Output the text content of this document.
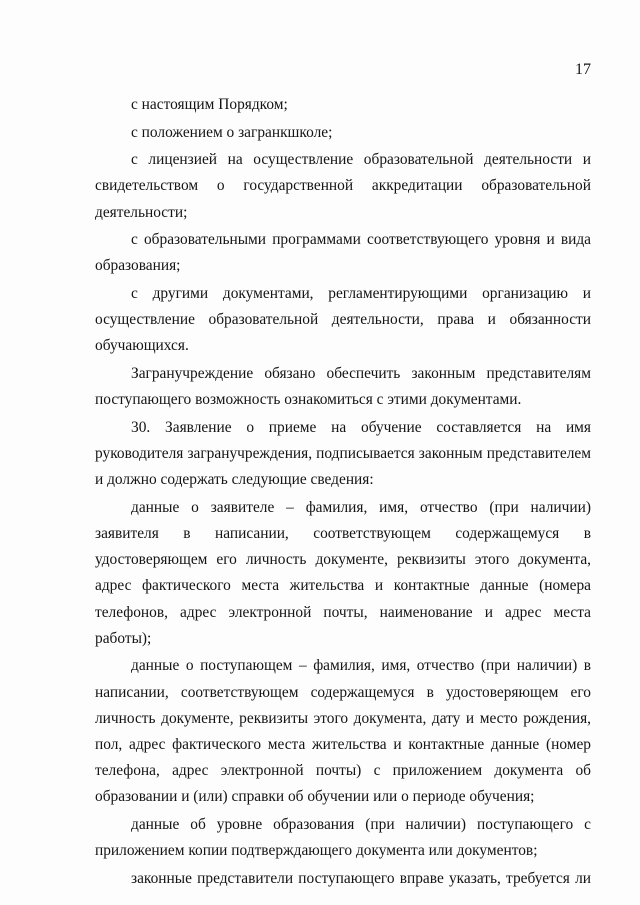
17

с настоящим Порядком;

с положением о загранкшколе;

с лицензией на осуществление образовательной деятельности и свидетельством о государственной аккредитации образовательной деятельности;

с образовательными программами соответствующего уровня и вида образования;

с другими документами, регламентирующими организацию и осуществление образовательной деятельности, права и обязанности обучающихся.

Загранучреждение обязано обеспечить законным представителям поступающего возможность ознакомиться с этими документами.

30. Заявление о приеме на обучение составляется на имя руководителя загранучреждения, подписывается законным представителем и должно содержать следующие сведения:

данные о заявителе – фамилия, имя, отчество (при наличии) заявителя в написании, соответствующем содержащемуся в удостоверяющем его личность документе, реквизиты этого документа, адрес фактического места жительства и контактные данные (номера телефонов, адрес электронной почты, наименование и адрес места работы);

данные о поступающем – фамилия, имя, отчество (при наличии) в написании, соответствующем содержащемуся в удостоверяющем его личность документе, реквизиты этого документа, дату и место рождения, пол, адрес фактического места жительства и контактные данные (номер телефона, адрес электронной почты) с приложением документа об образовании и (или) справки об обучении или о периоде обучения;

данные об уровне образования (при наличии) поступающего с приложением копии подтверждающего документа или документов;

законные представители поступающего вправе указать, требуется ли
